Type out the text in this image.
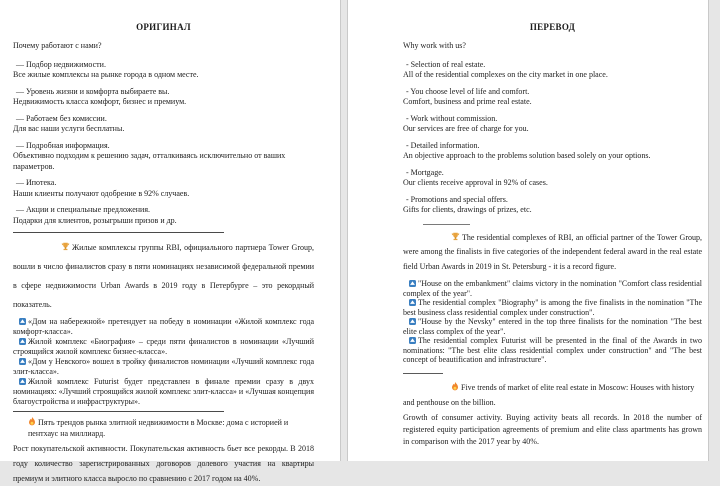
ОРИГИНАЛ

Почему работают с нами?

— Подбор недвижимости.
Все жилые комплексы на рынке города в одном месте.
— Уровень жизни и комфорта выбираете вы.
Недвижимость класса комфорт, бизнес и премиум.
— Работаем без комиссии.
Для вас наши услуги бесплатны.
— Подробная информация.
Объективно подходим к решению задач, отталкиваясь исключительно от ваших параметров.
— Ипотека.
Наши клиенты получают одобрение в 92% случаев.
— Акции и специальные предложения.
Подарки для клиентов, розыгрыши призов и др.

Жилые комплексы группы RBI, официального партнера Tower Group, вошли в число финалистов сразу в пяти номинациях независимой федеральной премии в сфере недвижимости Urban Awards в 2019 году в Петербурге – это рекордный показатель.

«Дом на набережной» претендует на победу в номинации «Жилой комплекс года комфорт-класса».

Жилой комплекс «Биография» – среди пяти финалистов в номинации «Лучший строящийся жилой комплекс бизнес-класса».

«Дом у Невского» вошел в тройку финалистов номинации «Лучший комплекс года элит-класса».

Жилой комплекс Futurist будет представлен в финале премии сразу в двух номинациях: «Лучший строящийся жилой комплекс элит-класса» и «Лучшая концепция благоустройства и инфраструктуры».

Пять трендов рынка элитной недвижимости в Москве: дома с историей и пентхаус на миллиард.

Рост покупательской активности. Покупательская активность бьет все рекорды. В 2018 году количество зарегистрированных договоров долевого участия на квартиры премиум и элитного класса выросло по сравнению с 2017 годом на 40%.

ПЕРЕВОД

Why work with us?

- Selection of real estate.
All of the residential complexes on the city market in one place.
- You choose level of life and comfort.
Comfort, business and prime real estate.
- Work without commission.
Our services are free of charge for you.
- Detailed information.
An objective approach to the problems solution based solely on your options.
- Mortgage.
Our clients receive approval in 92% of cases.
- Promotions and special offers.
Gifts for clients, drawings of prizes, etc.

The residential complexes of RBI, an official partner of the Tower Group, were among the finalists in five categories of the independent federal award in the real estate field Urban Awards in 2019 in St. Petersburg - it is a record figure.

"House on the embankment" claims victory in the nomination "Comfort class residential complex of the year".

The residential complex "Biography" is among the five finalists in the nomination "The best business class residential complex under construction".

"House by the Nevsky" entered in the top three finalists for the nomination "The best elite class complex of the year".

The residential complex Futurist will be presented in the final of the Awards in two nominations: "The best elite class residential complex under construction" and "The best concept of beautification and infrastructure".

Five trends of market of elite real estate in Moscow: Houses with history and penthouse on the billion.

Growth of consumer activity. Buying activity beats all records. In 2018 the number of registered equity participation agreements of premium and elite class apartments has grown in comparison with the 2017 year by 40%.
